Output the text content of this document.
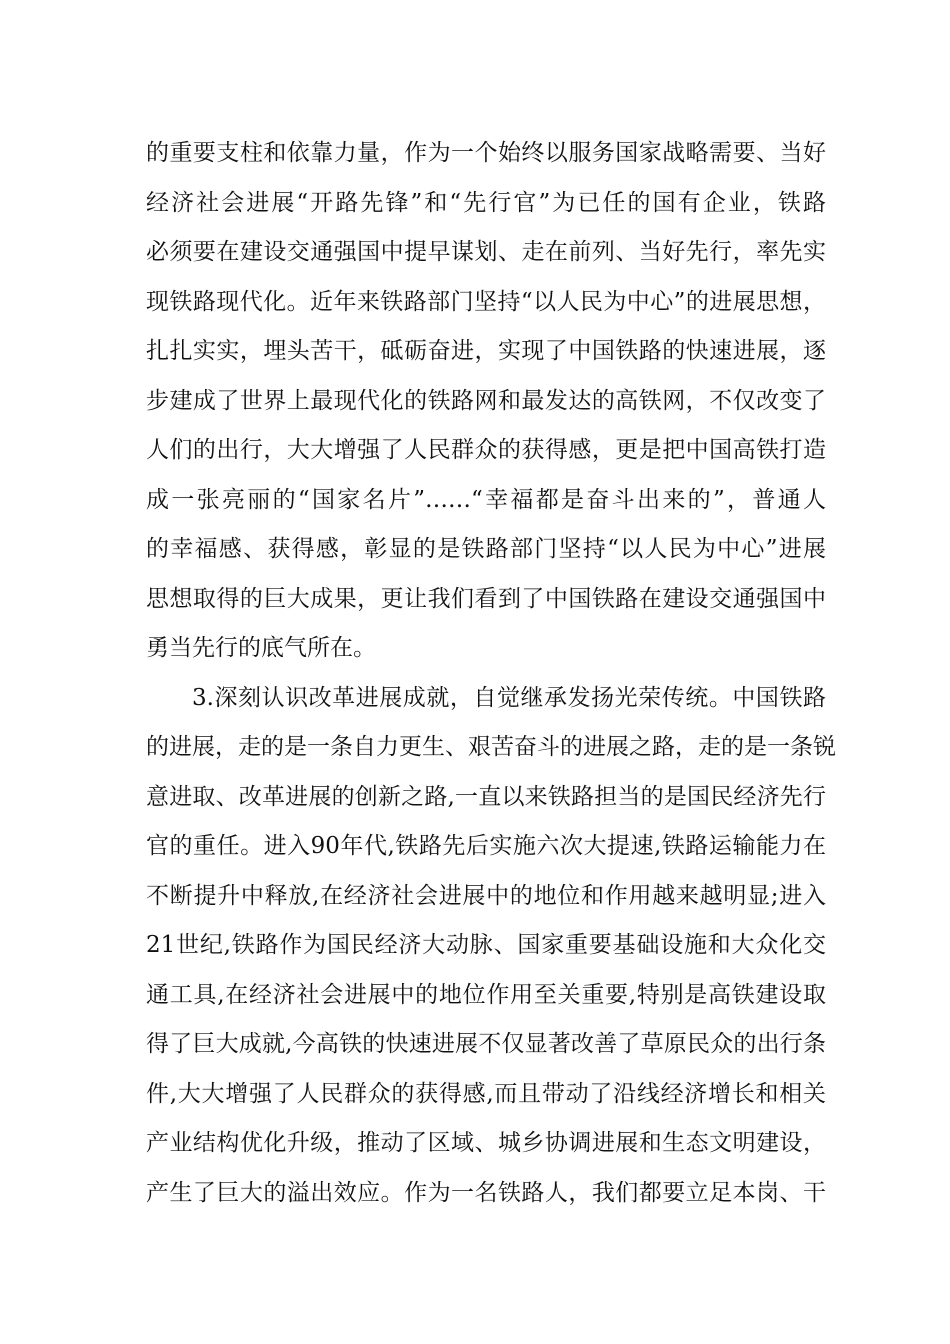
的重要支柱和依靠力量，作为一个始终以服务国家战略需要、当好
经济社会进展“开路先锋”和“先行官”为已任的国有企业，铁路
必须要在建设交通强国中提早谋划、走在前列、当好先行，率先实
现铁路现代化。近年来铁路部门坚持“以人民为中心”的进展思想，
扎扎实实，埋头苦干，砥砺奋进，实现了中国铁路的快速进展，逐
步建成了世界上最现代化的铁路网和最发达的高铁网，不仅改变了
人们的出行，大大增强了人民群众的获得感，更是把中国高铁打造
成一张亮丽的“国家名片”……“幸福都是奋斗出来的”，普通人
的幸福感、获得感，彰显的是铁路部门坚持“以人民为中心”进展
思想取得的巨大成果，更让我们看到了中国铁路在建设交通强国中
勇当先行的底气所在。
3.深刻认识改革进展成就，自觉继承发扬光荣传统。中国铁路
的进展，走的是一条自力更生、艰苦奋斗的进展之路，走的是一条锐
意进取、改革进展的创新之路,一直以来铁路担当的是国民经济先行
官的重任。进入90年代,铁路先后实施六次大提速,铁路运输能力在
不断提升中释放,在经济社会进展中的地位和作用越来越明显;进入
21世纪,铁路作为国民经济大动脉、国家重要基础设施和大众化交
通工具,在经济社会进展中的地位作用至关重要,特别是高铁建设取
得了巨大成就,今高铁的快速进展不仅显著改善了草原民众的出行条
件,大大增强了人民群众的获得感,而且带动了沿线经济增长和相关
产业结构优化升级，推动了区域、城乡协调进展和生态文明建设，
产生了巨大的溢出效应。作为一名铁路人，我们都要立足本岗、干
